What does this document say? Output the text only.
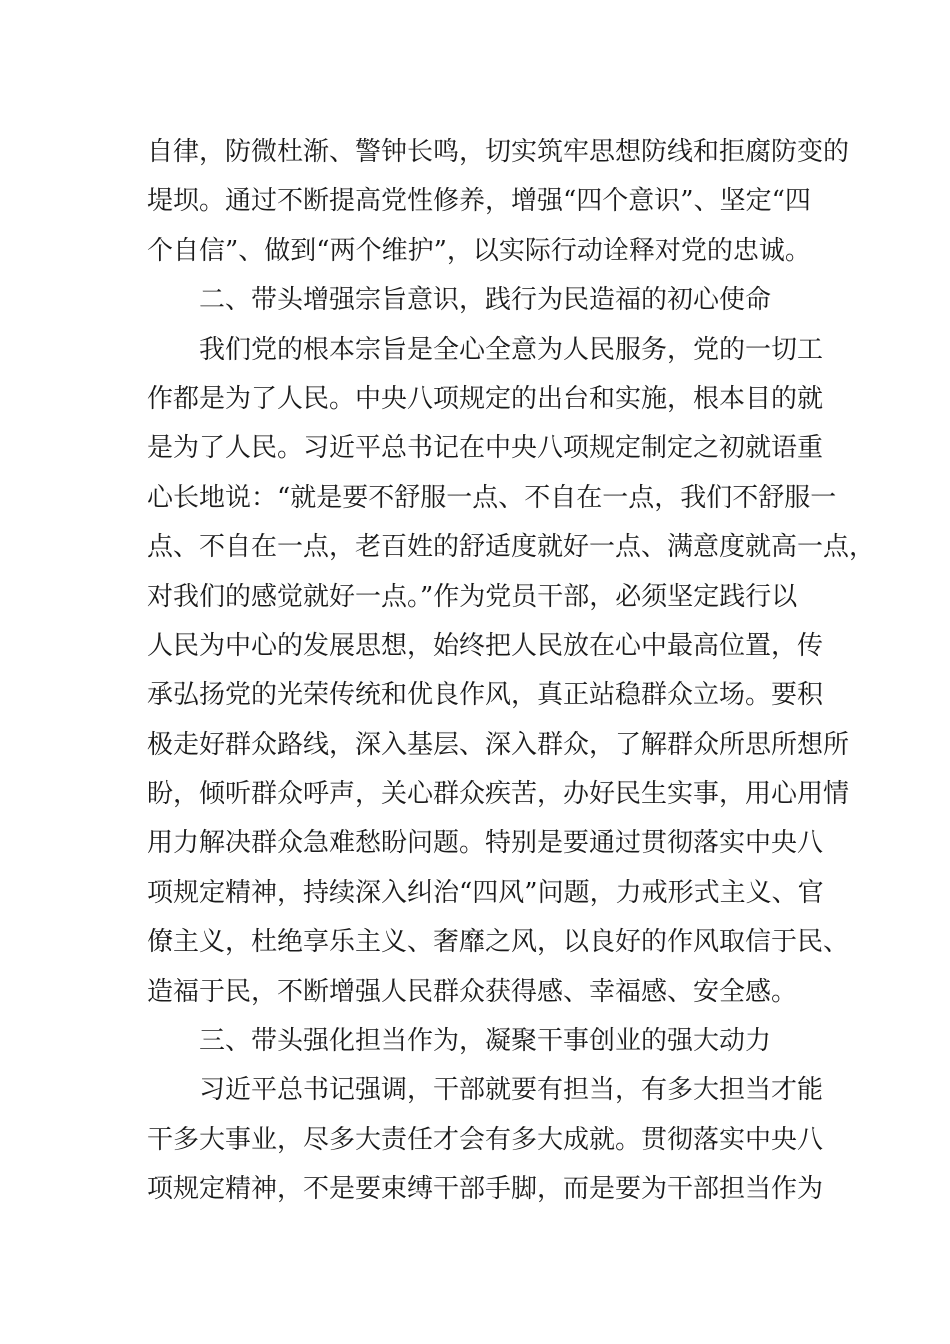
自律，防微杜渐、警钟长鸣，切实筑牢思想防线和拒腐防变的
堤坝。通过不断提高党性修养，增强“四个意识”、坚定“四
个自信”、做到“两个维护”，以实际行动诠释对党的忠诚。
二、带头增强宗旨意识，践行为民造福的初心使命
我们党的根本宗旨是全心全意为人民服务，党的一切工
作都是为了人民。中央八项规定的出台和实施，根本目的就
是为了人民。习近平总书记在中央八项规定制定之初就语重
心长地说：“就是要不舒服一点、不自在一点，我们不舒服一
点、不自在一点，老百姓的舒适度就好一点、满意度就高一点，
对我们的感觉就好一点。”作为党员干部，必须坚定践行以
人民为中心的发展思想，始终把人民放在心中最高位置，传
承弘扬党的光荣传统和优良作风，真正站稳群众立场。要积
极走好群众路线，深入基层、深入群众，了解群众所思所想所
盼，倾听群众呼声，关心群众疾苦，办好民生实事，用心用情
用力解决群众急难愁盼问题。特别是要通过贯彻落实中央八
项规定精神，持续深入纠治“四风”问题，力戒形式主义、官
僚主义，杜绝享乐主义、奢靡之风，以良好的作风取信于民、
造福于民，不断增强人民群众获得感、幸福感、安全感。
三、带头强化担当作为，凝聚干事创业的强大动力
习近平总书记强调，干部就要有担当，有多大担当才能
干多大事业，尽多大责任才会有多大成就。贯彻落实中央八
项规定精神，不是要束缚干部手脚，而是要为干部担当作为
